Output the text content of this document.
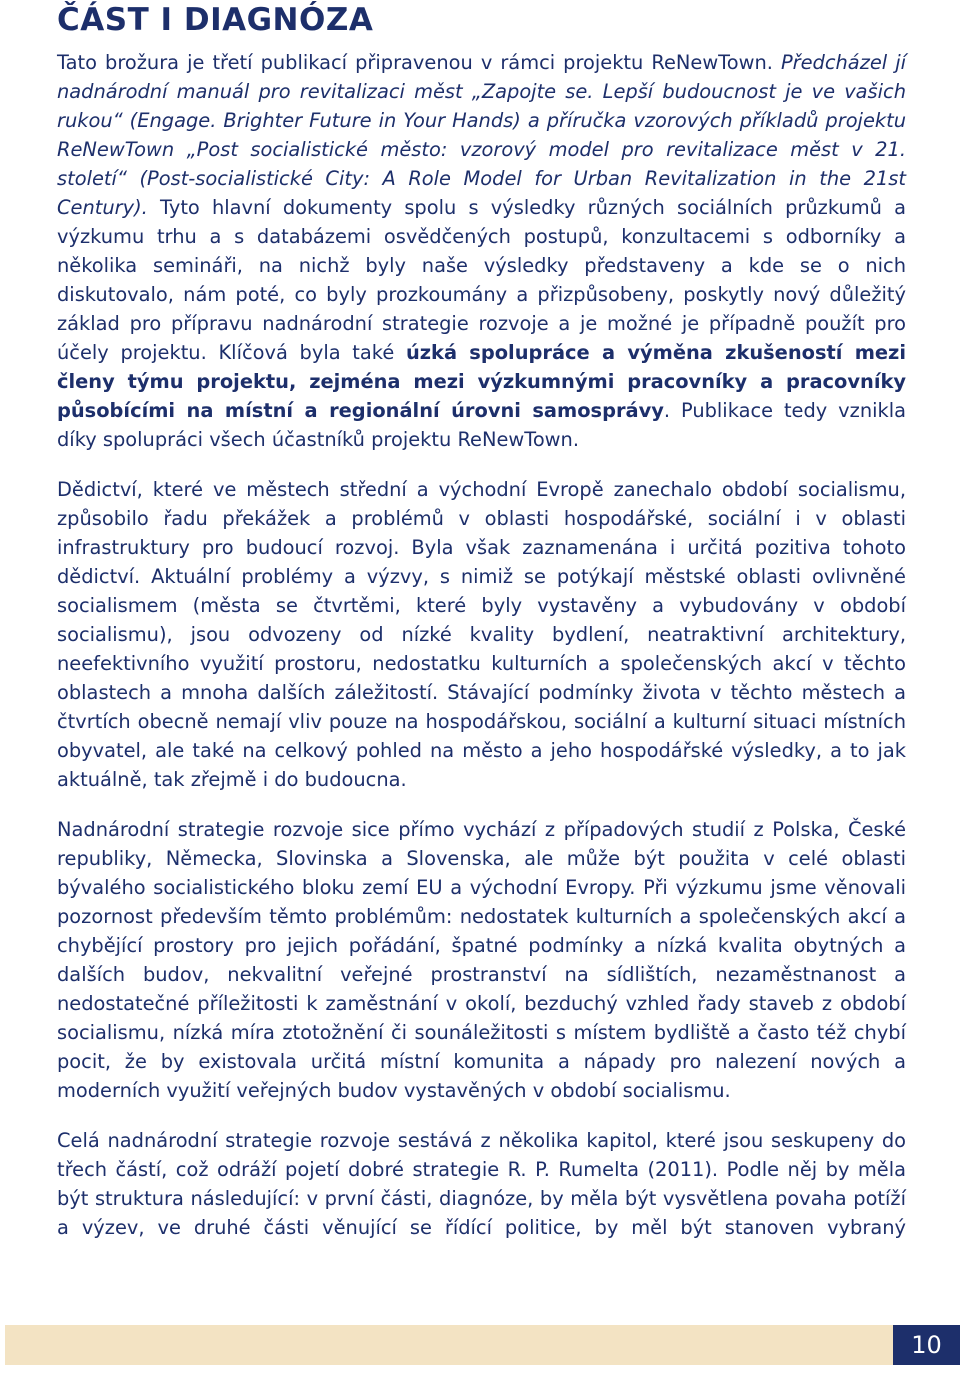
ČÁST I DIAGNÓZA

Tato brožura je třetí publikací připravenou v rámci projektu ReNewTown. Předcházel jí nadnárodní manuál pro revitalizaci měst „Zapojte se. Lepší budoucnost je ve vašich rukou“ (Engage. Brighter Future in Your Hands) a příručka vzorových příkladů projektu ReNewTown „Post socialistické město: vzorový model pro revitalizace měst v 21. století“ (Post-socialistické City: A Role Model for Urban Revitalization in the 21st Century). Tyto hlavní dokumenty spolu s výsledky různých sociálních průzkumů a výzkumu trhu a s databázemi osvědčených postupů, konzultacemi s odborníky a několika semináři, na nichž byly naše výsledky představeny a kde se o nich diskutovalo, nám poté, co byly prozkoumány a přizpůsobeny, poskytly nový důležitý základ pro přípravu nadnárodní strategie rozvoje a je možné je případně použít pro účely projektu. Klíčová byla také úzká spolupráce a výměna zkušeností mezi členy týmu projektu, zejména mezi výzkumnými pracovníky a pracovníky působícími na místní a regionální úrovni samosprávy. Publikace tedy vznikla díky spolupráci všech účastníků projektu ReNewTown.

Dědictví, které ve městech střední a východní Evropě zanechalo období socialismu, způsobilo řadu překážek a problémů v oblasti hospodářské, sociální i v oblasti infrastruktury pro budoucí rozvoj. Byla však zaznamenána i určitá pozitiva tohoto dědictví. Aktuální problémy a výzvy, s nimiž se potýkají městské oblasti ovlivněné socialismem (města se čtvrtěmi, které byly vystavěny a vybudovány v období socialismu), jsou odvozeny od nízké kvality bydlení, neatraktivní architektury, neefektivního využití prostoru, nedostatku kulturních a společenských akcí v těchto oblastech a mnoha dalších záležitostí. Stávající podmínky života v těchto městech a čtvrtích obecně nemají vliv pouze na hospodářskou, sociální a kulturní situaci místních obyvatel, ale také na celkový pohled na město a jeho hospodářské výsledky, a to jak aktuálně, tak zřejmě i do budoucna.

Nadnárodní strategie rozvoje sice přímo vychází z případových studií z Polska, České republiky, Německa, Slovinska a Slovenska, ale může být použita v celé oblasti bývalého socialistického bloku zemí EU a východní Evropy. Při výzkumu jsme věnovali pozornost především těmto problémům: nedostatek kulturních a společenských akcí a chybějící prostory pro jejich pořádání, špatné podmínky a nízká kvalita obytných a dalších budov, nekvalitní veřejné prostranství na sídlištích, nezaměstnanost a nedostatečné příležitosti k zaměstnání v okolí, bezduchý vzhled řady staveb z období socialismu, nízká míra ztotožnění či sounáležitosti s místem bydliště a často též chybí pocit, že by existovala určitá místní komunita a nápady pro nalezení nových a moderních využití veřejných budov vystavěných v období socialismu.

Celá nadnárodní strategie rozvoje sestává z několika kapitol, které jsou seskupeny do třech částí, což odráží pojetí dobré strategie R. P. Rumelta (2011). Podle něj by měla být struktura následující: v první části, diagnóze, by měla být vysvětlena povaha potíží a výzev, ve druhé části věnující se řídící politice, by měl být stanoven vybraný

10
